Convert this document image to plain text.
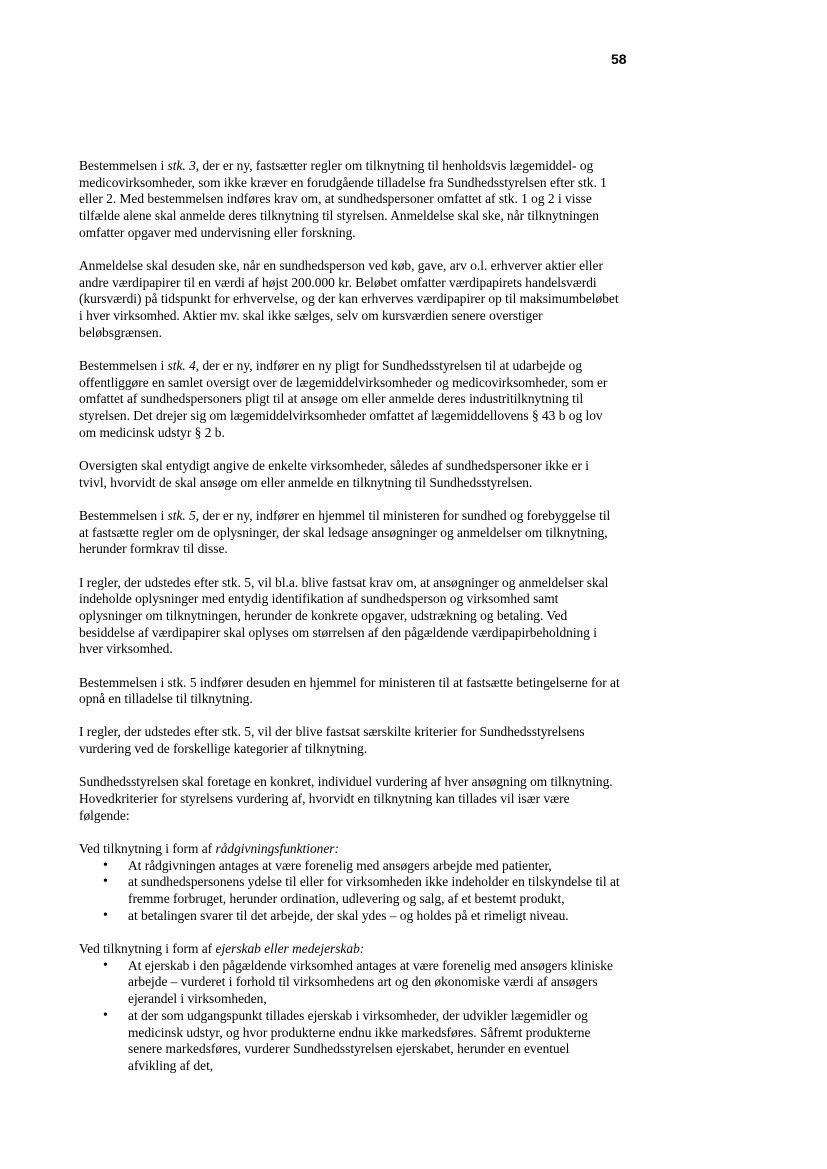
58

Bestemmelsen i stk. 3, der er ny, fastsætter regler om tilknytning til henholdsvis lægemiddel- og medicovirksomheder, som ikke kræver en forudgående tilladelse fra Sundhedsstyrelsen efter stk. 1 eller 2. Med bestemmelsen indføres krav om, at sundhedspersoner omfattet af stk. 1 og 2 i visse tilfælde alene skal anmelde deres tilknytning til styrelsen. Anmeldelse skal ske, når tilknytningen omfatter opgaver med undervisning eller forskning.

Anmeldelse skal desuden ske, når en sundhedsperson ved køb, gave, arv o.l. erhverver aktier eller andre værdipapirer til en værdi af højst 200.000 kr. Beløbet omfatter værdipapirets handelsværdi (kursværdi) på tidspunkt for erhvervelse, og der kan erhverves værdipapirer op til maksimumbeløbet i hver virksomhed. Aktier mv. skal ikke sælges, selv om kursværdien senere overstiger beløbsgrænsen.

Bestemmelsen i stk. 4, der er ny, indfører en ny pligt for Sundhedsstyrelsen til at udarbejde og offentliggøre en samlet oversigt over de lægemiddelvirksomheder og medicovirksomheder, som er omfattet af sundhedspersoners pligt til at ansøge om eller anmelde deres industritilknytning til styrelsen. Det drejer sig om lægemiddelvirksomheder omfattet af lægemiddellovens § 43 b og lov om medicinsk udstyr § 2 b.

Oversigten skal entydigt angive de enkelte virksomheder, således af sundhedspersoner ikke er i tvivl, hvorvidt de skal ansøge om eller anmelde en tilknytning til Sundhedsstyrelsen.

Bestemmelsen i stk. 5, der er ny, indfører en hjemmel til ministeren for sundhed og forebyggelse til at fastsætte regler om de oplysninger, der skal ledsage ansøgninger og anmeldelser om tilknytning, herunder formkrav til disse.

I regler, der udstedes efter stk. 5, vil bl.a. blive fastsat krav om, at ansøgninger og anmeldelser skal indeholde oplysninger med entydig identifikation af sundhedsperson og virksomhed samt oplysninger om tilknytningen, herunder de konkrete opgaver, udstrækning og betaling. Ved besiddelse af værdipapirer skal oplyses om størrelsen af den pågældende værdipapirbeholdning i hver virksomhed.

Bestemmelsen i stk. 5 indfører desuden en hjemmel for ministeren til at fastsætte betingelserne for at opnå en tilladelse til tilknytning.

I regler, der udstedes efter stk. 5, vil der blive fastsat særskilte kriterier for Sundhedsstyrelsens vurdering ved de forskellige kategorier af tilknytning.

Sundhedsstyrelsen skal foretage en konkret, individuel vurdering af hver ansøgning om tilknytning. Hovedkriterier for styrelsens vurdering af, hvorvidt en tilknytning kan tillades vil især være følgende:

Ved tilknytning i form af rådgivningsfunktioner:

• At rådgivningen antages at være forenelig med ansøgers arbejde med patienter,
• at sundhedspersonens ydelse til eller for virksomheden ikke indeholder en tilskyndelse til at fremme forbruget, herunder ordination, udlevering og salg, af et bestemt produkt,
• at betalingen svarer til det arbejde, der skal ydes – og holdes på et rimeligt niveau.

Ved tilknytning i form af ejerskab eller medejerskab:

• At ejerskab i den pågældende virksomhed antages at være forenelig med ansøgers kliniske arbejde – vurderet i forhold til virksomhedens art og den økonomiske værdi af ansøgers ejerandel i virksomheden,
• at der som udgangspunkt tillades ejerskab i virksomheder, der udvikler lægemidler og medicinsk udstyr, og hvor produkterne endnu ikke markedsføres. Såfremt produkterne senere markedsføres, vurderer Sundhedsstyrelsen ejerskabet, herunder en eventuel afvikling af det,
